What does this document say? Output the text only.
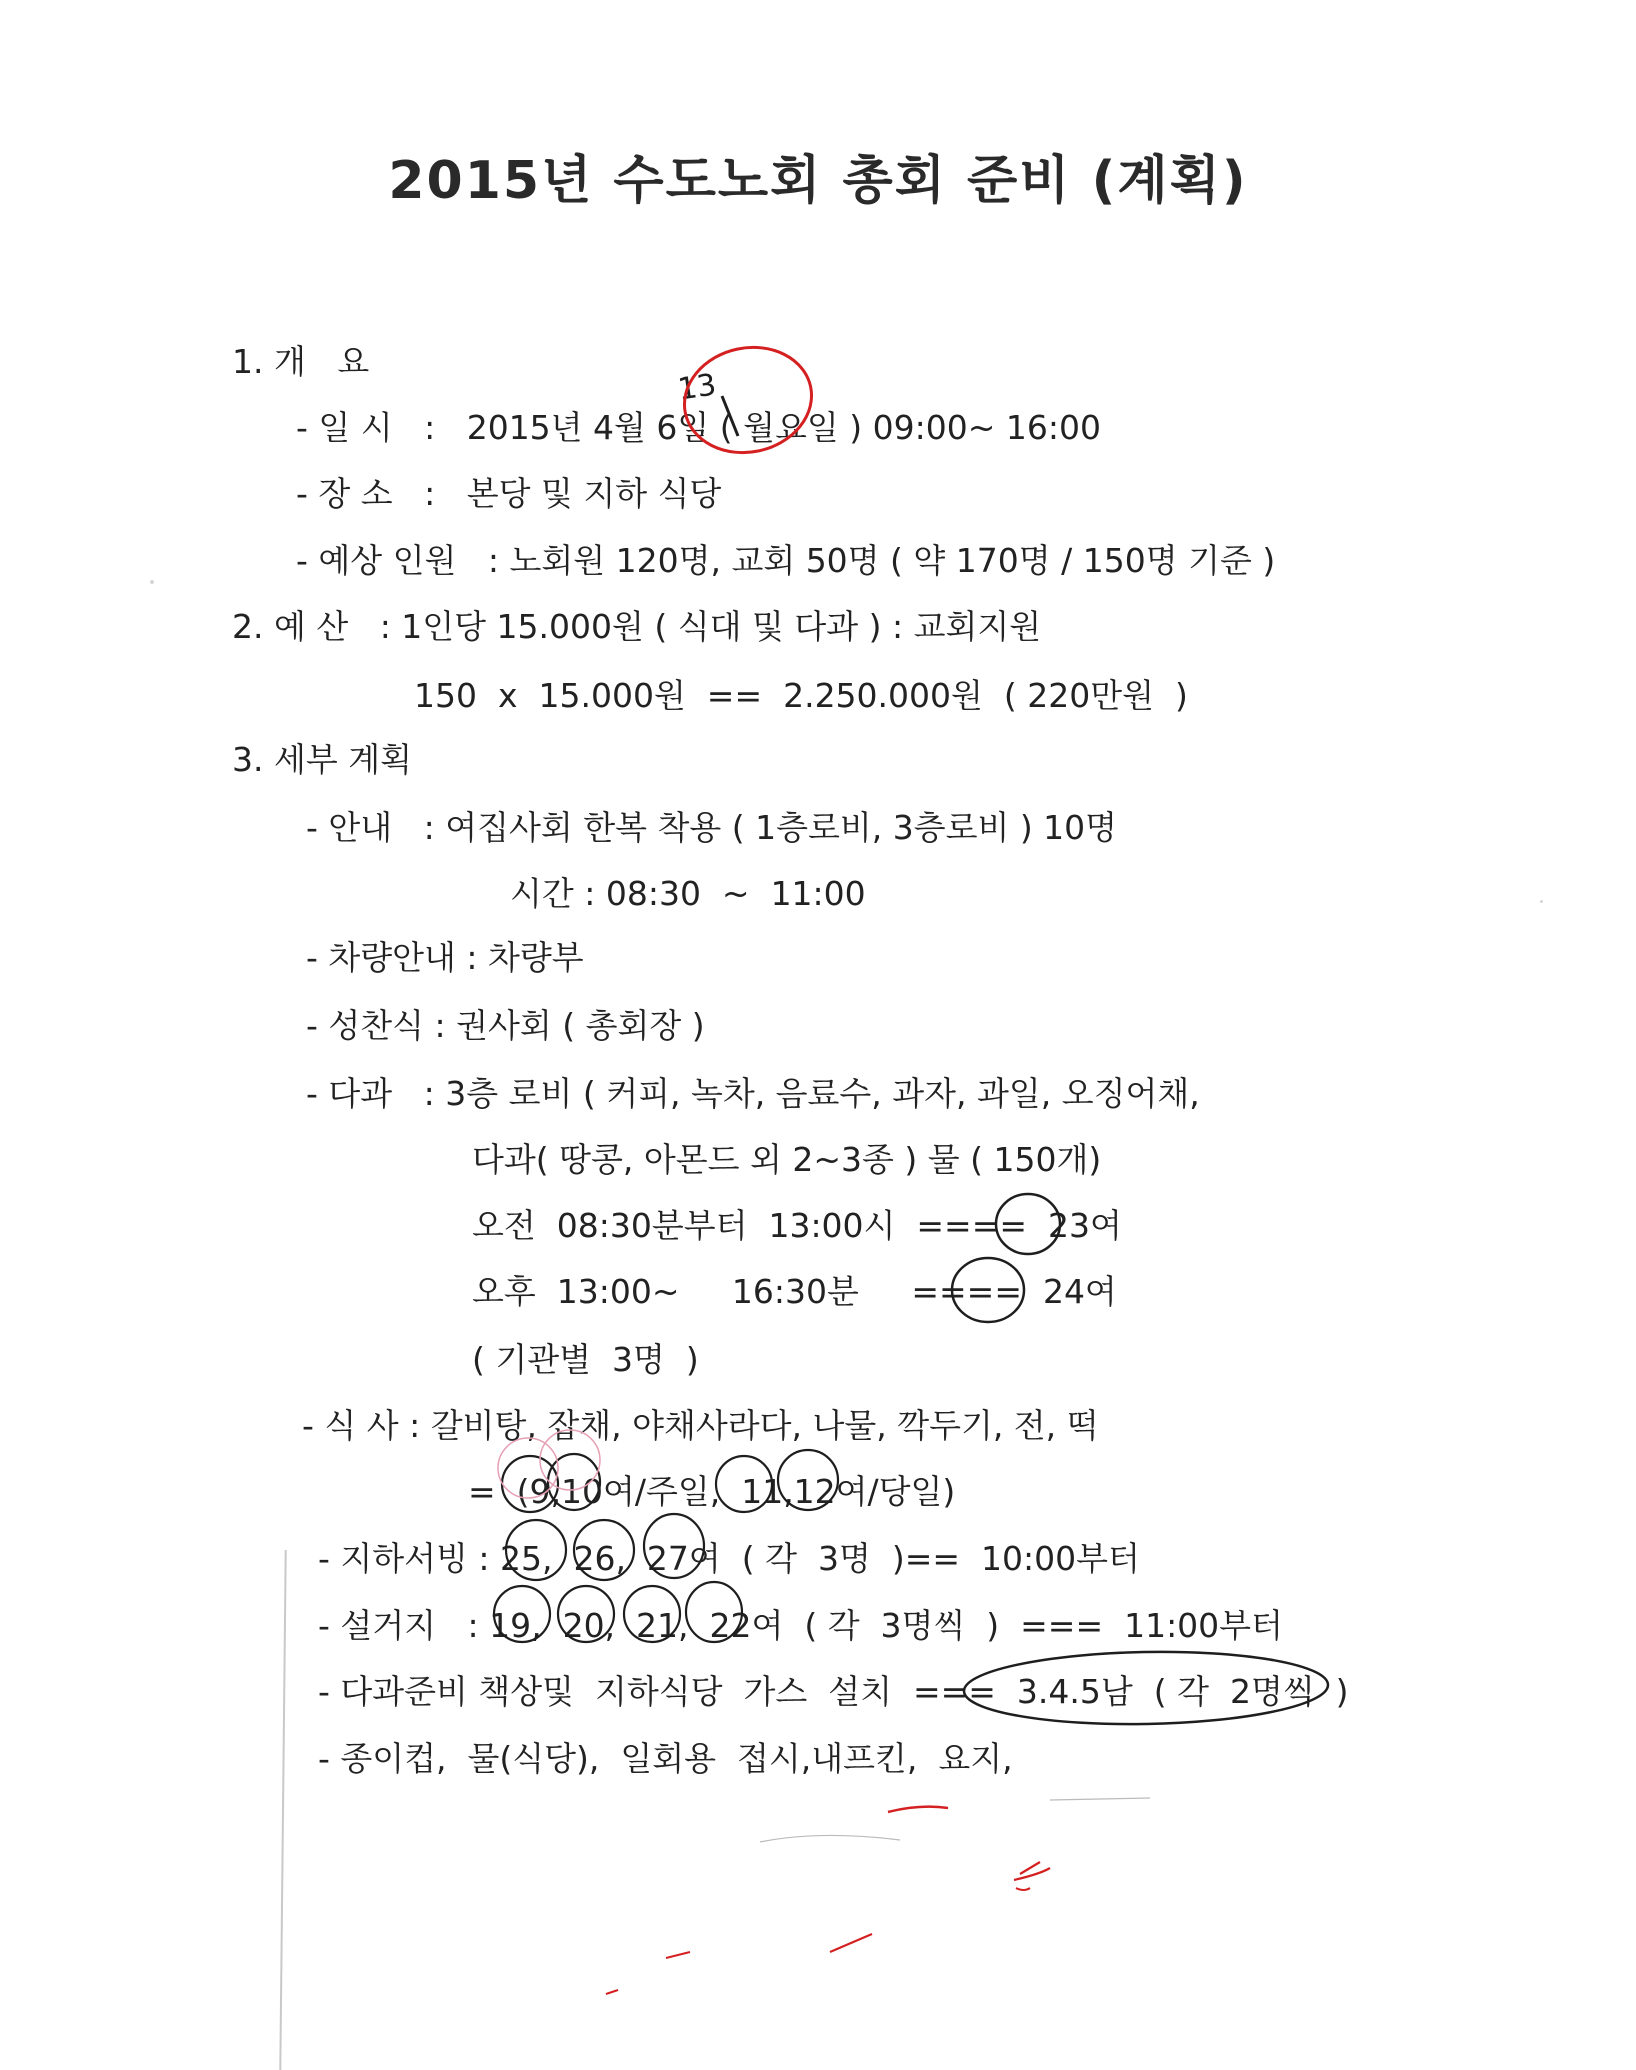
2015년 수도노회 총회 준비 (계획)
1. 개   요
- 일 시   :   2015년 4월 6일 ( 월요일 ) 09:00~ 16:00
- 장 소   :   본당 및 지하 식당
- 예상 인원   : 노회원 120명, 교회 50명 ( 약 170명 / 150명 기준 )
2. 예 산   : 1인당 15.000원 ( 식대 및 다과 ) : 교회지원
150  x  15.000원  ==  2.250.000원  ( 220만원  )
3. 세부 계획
- 안내   : 여집사회 한복 착용 ( 1층로비, 3층로비 ) 10명
시간 : 08:30  ~  11:00
- 차량안내 : 차량부
- 성찬식 : 권사회 ( 총회장 )
- 다과   : 3층 로비 ( 커피, 녹차, 음료수, 과자, 과일, 오징어채,
다과( 땅콩, 아몬드 외 2~3종 ) 물 ( 150개)
오전  08:30분부터  13:00시  ====  23여
오후  13:00~     16:30분     ====  24여
( 기관별  3명  )
- 식 사 : 갈비탕, 잡채, 야채사라다, 나물, 깍두기, 전, 떡
=  (9,10여/주일,  11,12여/당일)
- 지하서빙 : 25,  26,  27여  ( 각  3명  )==  10:00부터
- 설거지   : 19,  20,  21,  22여  ( 각  3명씩  )  ===  11:00부터
- 다과준비 책상및  지하식당  가스  설치  ===  3.4.5남  ( 각  2명씩  )
- 종이컵,  물(식당),  일회용  접시,내프킨,  요지,
13
